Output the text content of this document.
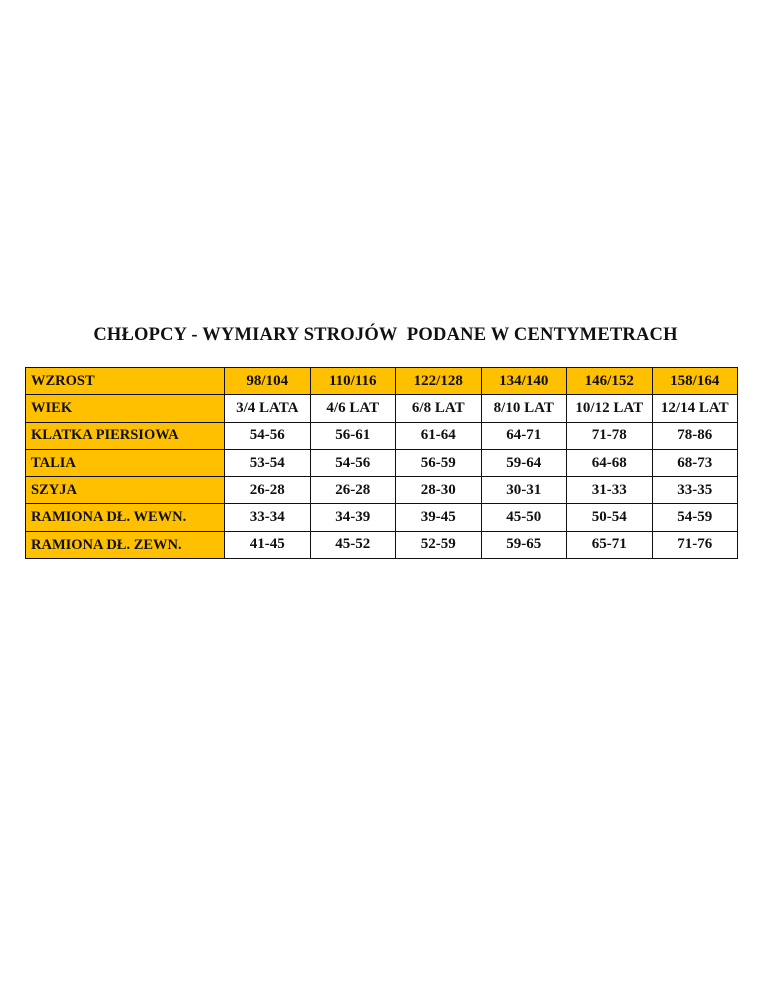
CHŁOPCY - WYMIARY STROJÓW  PODANE W CENTYMETRACH
WZROST	98/104	110/116	122/128	134/140	146/152	158/164
WIEK	3/4 LATA	4/6 LAT	6/8 LAT	8/10 LAT	10/12 LAT	12/14 LAT
KLATKA PIERSIOWA	54-56	56-61	61-64	64-71	71-78	78-86
TALIA	53-54	54-56	56-59	59-64	64-68	68-73
SZYJA	26-28	26-28	28-30	30-31	31-33	33-35
RAMIONA DŁ. WEWN.	33-34	34-39	39-45	45-50	50-54	54-59
RAMIONA DŁ. ZEWN.	41-45	45-52	52-59	59-65	65-71	71-76
